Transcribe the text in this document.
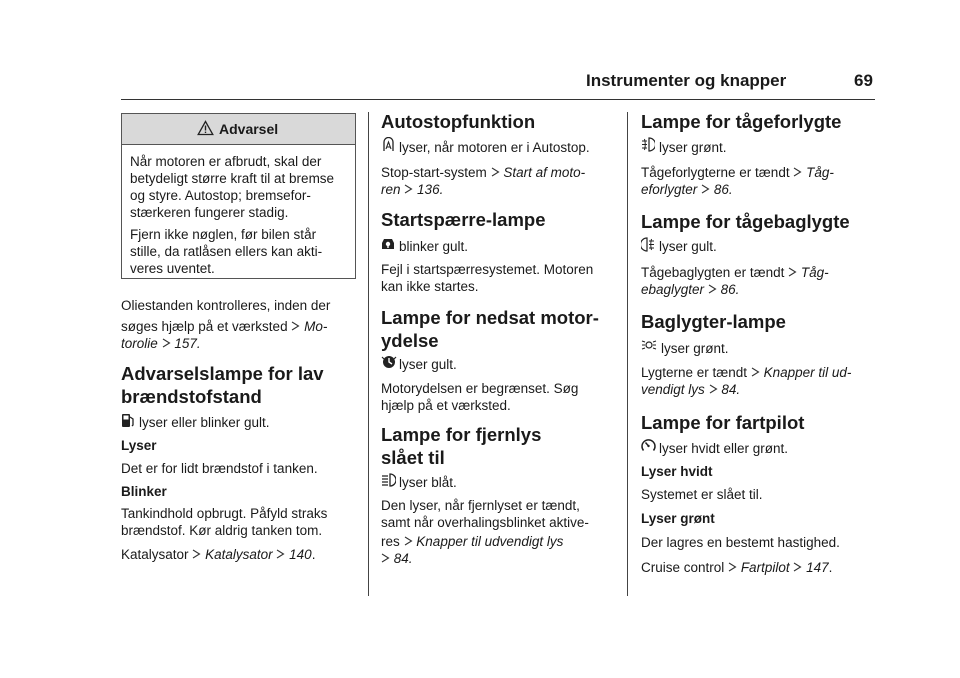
Instrumenter og knapper	69
Advarsel
Når motoren er afbrudt, skal der
betydeligt større kraft til at bremse
og styre. Autostop; bremsefor-
stærkeren fungerer stadig.
Fjern ikke nøglen, før bilen står
stille, da ratlåsen ellers kan akti-
veres uventet.
Oliestanden kontrolleres, inden der
søges hjælp på et værksted Mo-
torolie 157.
Advarselslampe for lav
brændstofstand
lyser eller blinker gult.
Lyser
Det er for lidt brændstof i tanken.
Blinker
Tankindhold opbrugt. Påfyld straks
brændstof. Kør aldrig tanken tom.
Katalysator Katalysator 140.
Autostopfunktion
lyser, når motoren er i Autostop.
Stop-start-system Start af moto-
ren 136.
Startspærre-lampe
blinker gult.
Fejl i startspærresystemet. Motoren
kan ikke startes.
Lampe for nedsat motor-
ydelse
lyser gult.
Motorydelsen er begrænset. Søg
hjælp på et værksted.
Lampe for fjernlys
slået til
lyser blåt.
Den lyser, når fjernlyset er tændt,
samt når overhalingsblinket aktive-
res Knapper til udvendigt lys
84.
Lampe for tågeforlygte
lyser grønt.
Tågeforlygterne er tændt Tåg-
eforlygter 86.
Lampe for tågebaglygte
lyser gult.
Tågebaglygten er tændt Tåg-
ebaglygter 86.
Baglygter-lampe
lyser grønt.
Lygterne er tændt Knapper til ud-
vendigt lys 84.
Lampe for fartpilot
lyser hvidt eller grønt.
Lyser hvidt
Systemet er slået til.
Lyser grønt
Der lagres en bestemt hastighed.
Cruise control Fartpilot 147.
